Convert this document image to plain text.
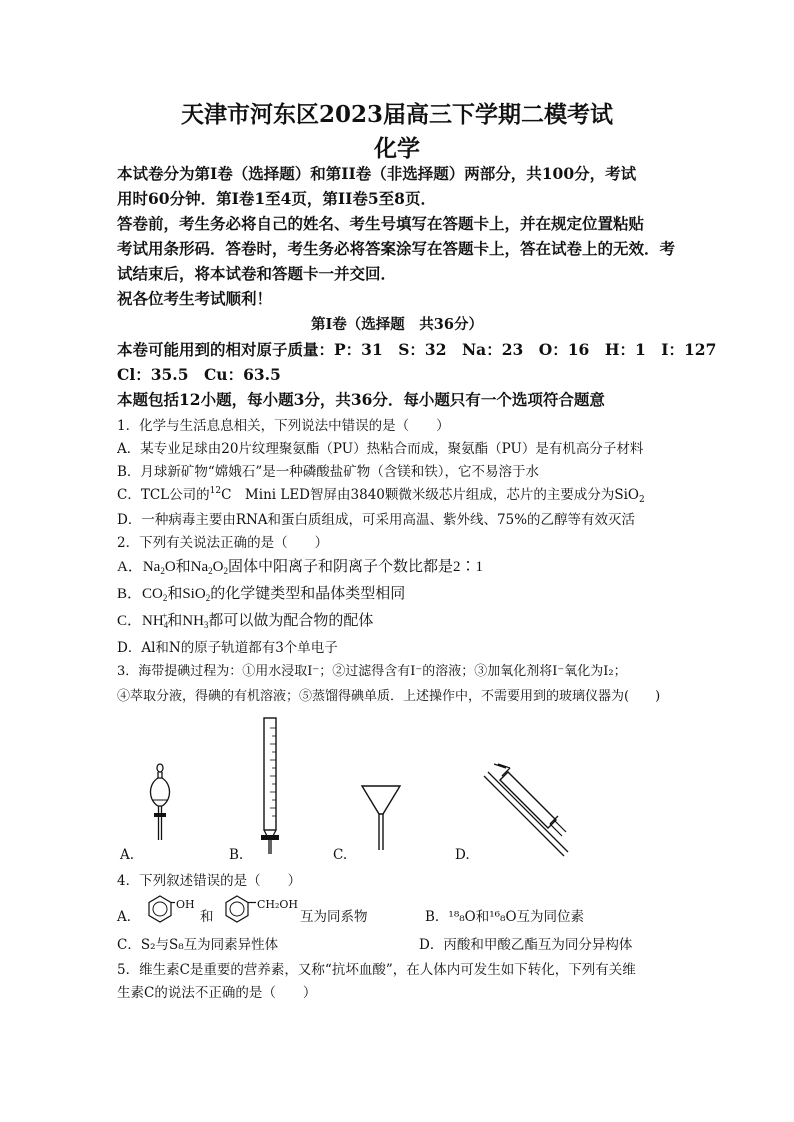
天津市河东区2023届高三下学期二模考试
化学
本试卷分为第I卷（选择题）和第II卷（非选择题）两部分，共100分，考试
用时60分钟．第I卷1至4页，第II卷5至8页．
答卷前，考生务必将自己的姓名、考生号填写在答题卡上，并在规定位置粘贴
考试用条形码．答卷时，考生务必将答案涂写在答题卡上，答在试卷上的无效．考
试结束后，将本试卷和答题卡一并交回．
祝各位考生考试顺利！
第I卷（选择题　共36分）
本卷可能用到的相对原子质量：P：31　S：32　Na：23　O：16　H：1　I：127
Cl：35.5　Cu：63.5
本题包括12小题，每小题3分，共36分．每小题只有一个选项符合题意
1．化学与生活息息相关，下列说法中错误的是（　　）
A．某专业足球由20片纹理聚氨酯（PU）热粘合而成，聚氨酯（PU）是有机高分子材料
B．月球新矿物“嫦娥石”是一种磷酸盐矿物（含镁和铁），它不易溶于水
C．TCL公司的$^{12}$C　Mini LED智屏由3840颗微米级芯片组成，芯片的主要成分为SiO$_2$
D．一种病毒主要由RNA和蛋白质组成，可采用高温、紫外线、75%的乙醇等有效灭活
2．下列有关说法正确的是（　　）
A．$Na_2O$和$Na_2O_2$固体中阳离子和阴离子个数比都是2∶1
B．$CO_2$和SiO$_2$的化学键类型和晶体类型相同
C．$NH_4^+$和$NH_3$都可以做为配合物的配体
D．Al和N的原子轨道都有3个单电子
3．海带提碘过程为：①用水浸取I⁻；②过滤得含有I⁻的溶液；③加氧化剂将I⁻氧化为I₂；
④萃取分液，得碘的有机溶液；⑤蒸馏得碘单质．上述操作中，不需要用到的玻璃仪器为(　　)
A.	B.	C.	D.
4．下列叙述错误的是（　　）
A．
OH
和
CH₂OH
互为同系物	B．¹⁸₈O和¹⁶₈O互为同位素
C．S₂与S₈互为同素异性体	D．丙酸和甲酸乙酯互为同分异构体
5．维生素C是重要的营养素，又称“抗坏血酸”，在人体内可发生如下转化，下列有关维
生素C的说法不正确的是（　　）
